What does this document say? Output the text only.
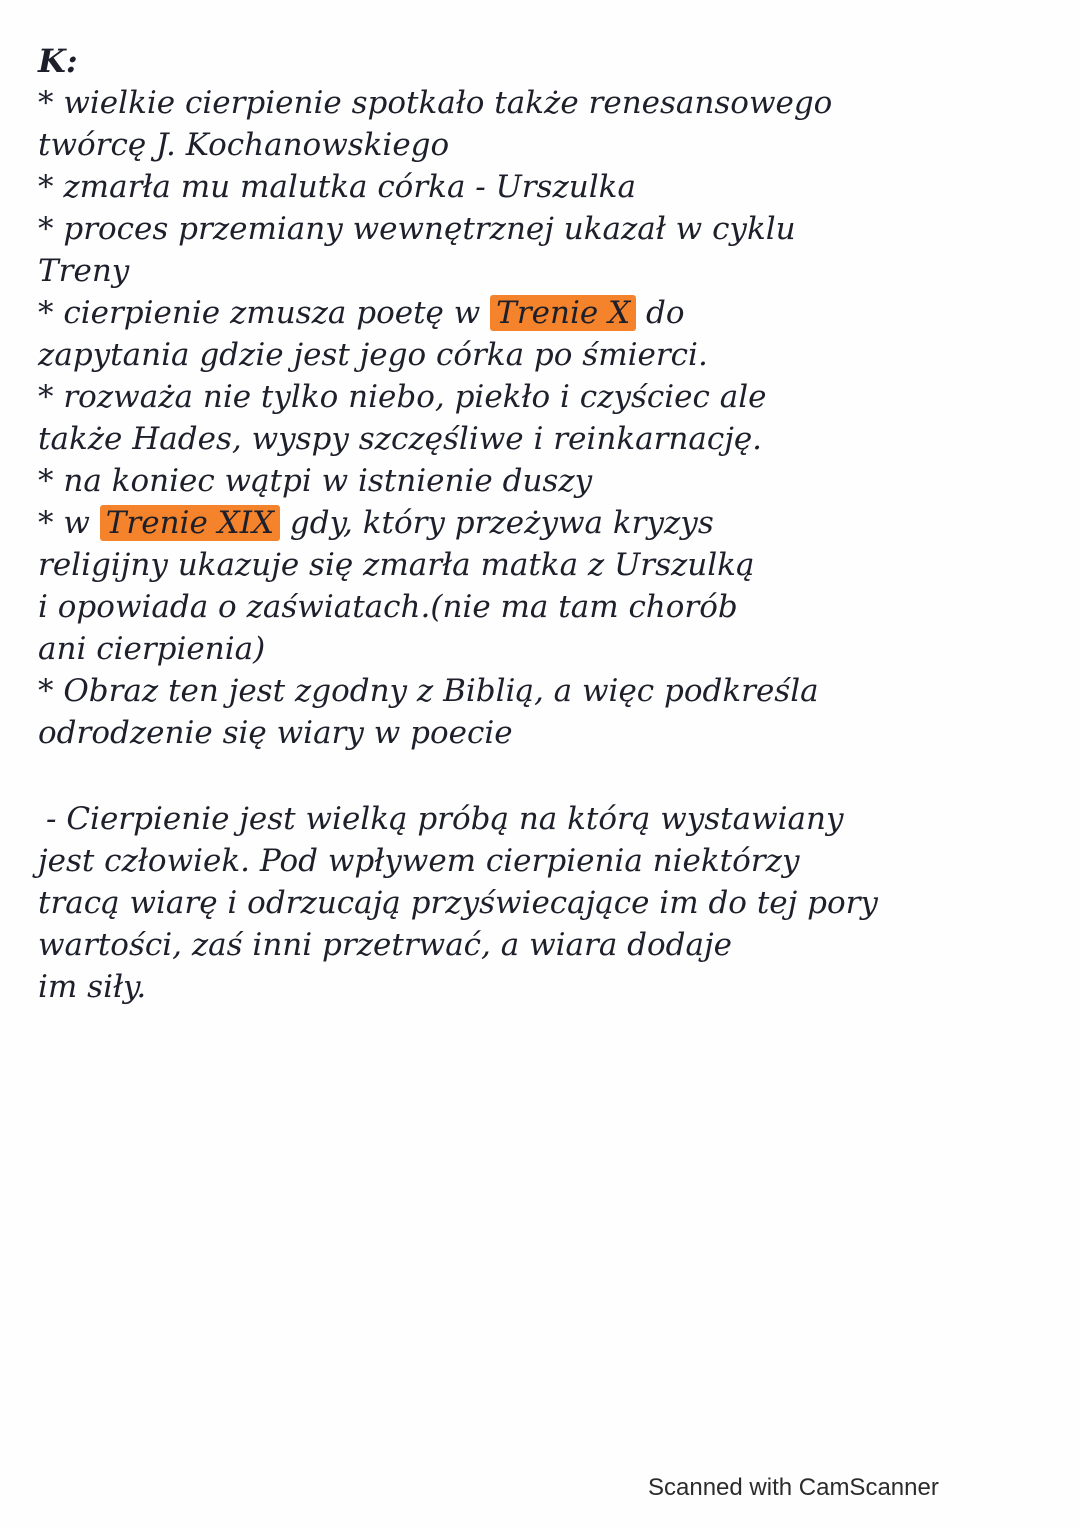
K:
* wielkie cierpienie spotkało także renesansowego
twórcę J. Kochanowskiego
* zmarła mu malutka córka - Urszulka
* proces przemiany wewnętrznej ukazał w cyklu
Treny
* cierpienie zmusza poetę w Trenie X do
zapytania gdzie jest jego córka po śmierci.
* rozważa nie tylko niebo, piekło i czyściec ale
także Hades, wyspy szczęśliwe i reinkarnację.
* na koniec wątpi w istnienie duszy
* w Trenie XIX gdy, który przeżywa kryzys
religijny ukazuje się zmarła matka z Urszulką
i opowiada o zaświatach.(nie ma tam chorób
ani cierpienia)
* Obraz ten jest zgodny z Biblią, a więc podkreśla
odrodzenie się wiary w poecie
- Cierpienie jest wielką próbą na którą wystawiany
jest człowiek. Pod wpływem cierpienia niektórzy
tracą wiarę i odrzucają przyświecające im do tej pory
wartości, zaś inni przetrwać, a wiara dodaje
im siły.
Scanned with CamScanner
